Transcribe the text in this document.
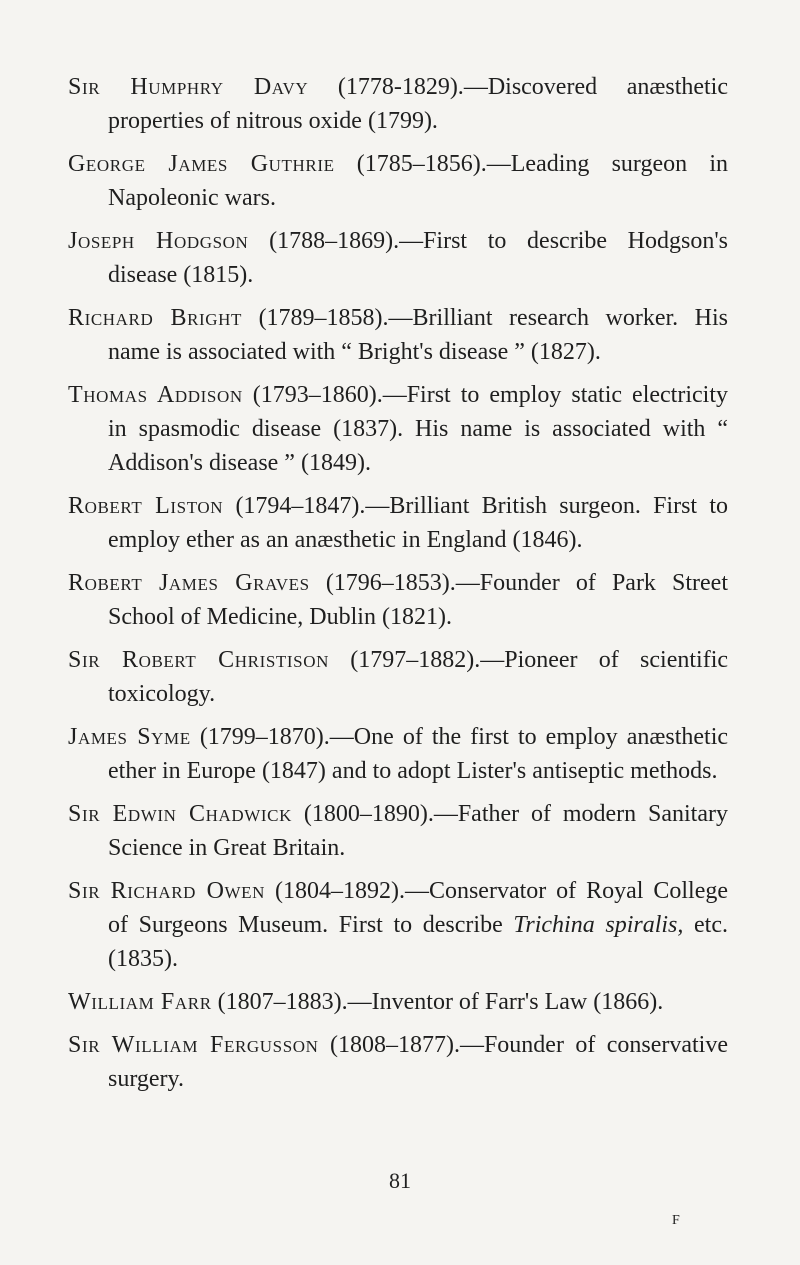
Sir Humphry Davy (1778-1829).—Discovered anæsthetic properties of nitrous oxide (1799).

George James Guthrie (1785–1856).—Leading surgeon in Napoleonic wars.

Joseph Hodgson (1788–1869).—First to describe Hodgson's disease (1815).

Richard Bright (1789–1858).—Brilliant research worker. His name is associated with “ Bright's disease ” (1827).

Thomas Addison (1793–1860).—First to employ static electricity in spasmodic disease (1837). His name is associated with “ Addison's disease ” (1849).

Robert Liston (1794–1847).—Brilliant British surgeon. First to employ ether as an anæsthetic in England (1846).

Robert James Graves (1796–1853).—Founder of Park Street School of Medicine, Dublin (1821).

Sir Robert Christison (1797–1882).—Pioneer of scientific toxicology.

James Syme (1799–1870).—One of the first to employ anæsthetic ether in Europe (1847) and to adopt Lister's antiseptic methods.

Sir Edwin Chadwick (1800–1890).—Father of modern Sanitary Science in Great Britain.

Sir Richard Owen (1804–1892).—Conservator of Royal College of Surgeons Museum. First to describe Trichina spiralis, etc. (1835).

William Farr (1807–1883).—Inventor of Farr's Law (1866).

Sir William Fergusson (1808–1877).—Founder of conservative surgery.

81
F
